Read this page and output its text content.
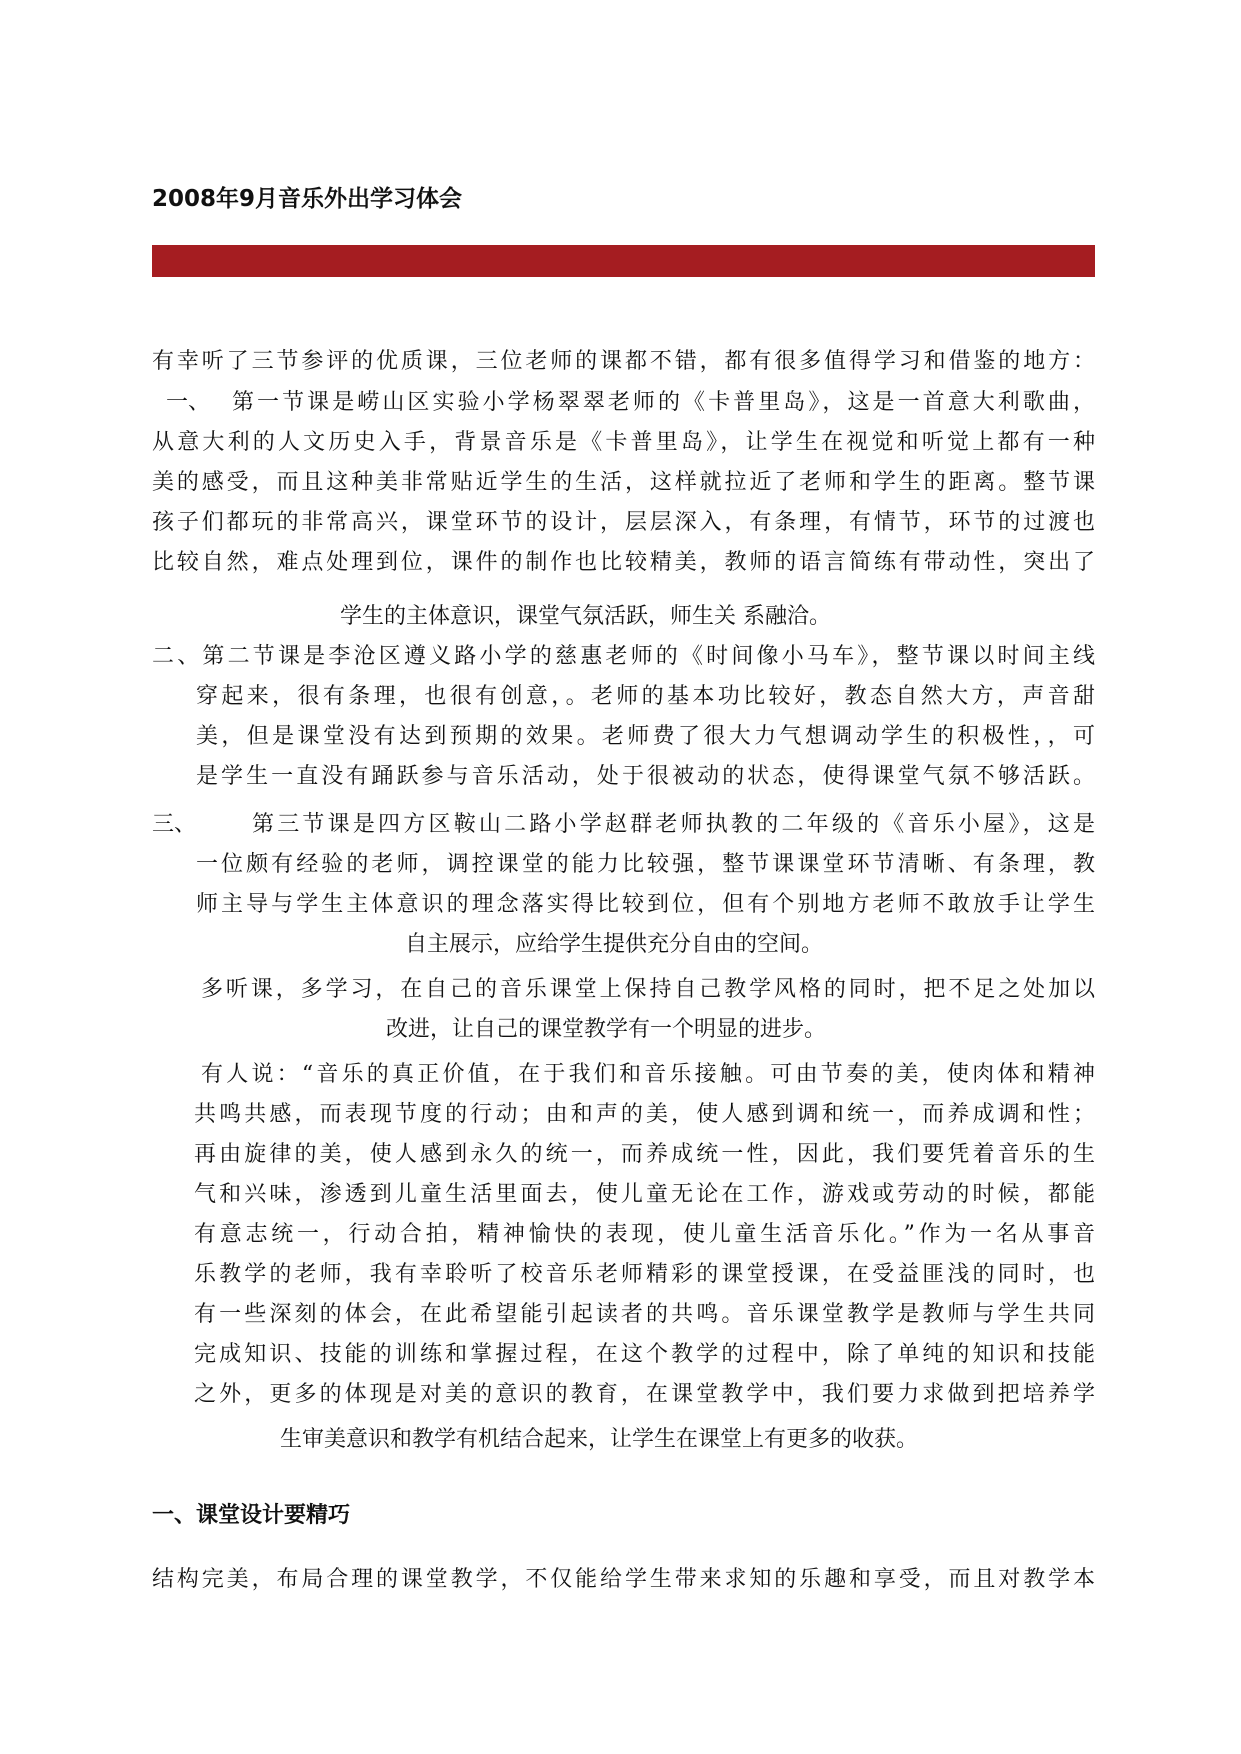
2008年9月音乐外出学习体会
有幸听了三节参评的优质课，三位老师的课都不错，都有很多值得学习和借鉴的地方：
一、 第一节课是崂山区实验小学杨翠翠老师的《卡普里岛》，这是一首意大利歌曲，
从意大利的人文历史入手，背景音乐是《卡普里岛》，让学生在视觉和听觉上都有一种
美的感受，而且这种美非常贴近学生的生活，这样就拉近了老师和学生的距离。整节课
孩子们都玩的非常高兴，课堂环节的设计，层层深入，有条理，有情节，环节的过渡也
比较自然，难点处理到位，课件的制作也比较精美，教师的语言简练有带动性，突出了
学生的主体意识，课堂气氛活跃，师生关 系融洽。
二、第二节课是李沧区遵义路小学的慈惠老师的《时间像小马车》，整节课以时间主线
穿起来，很有条理，也很有创意，。老师的基本功比较好，教态自然大方，声音甜
美，但是课堂没有达到预期的效果。老师费了很大力气想调动学生的积极性，，可
是学生一直没有踊跃参与音乐活动，处于很被动的状态，使得课堂气氛不够活跃。
三、	第三节课是四方区鞍山二路小学赵群老师执教的二年级的《音乐小屋》，这是
一位颇有经验的老师，调控课堂的能力比较强，整节课课堂环节清晰、有条理，教
师主导与学生主体意识的理念落实得比较到位，但有个别地方老师不敢放手让学生
自主展示，应给学生提供充分自由的空间。
多听课，多学习，在自己的音乐课堂上保持自己教学风格的同时，把不足之处加以
改进，让自己的课堂教学有一个明显的进步。
有人说：“音乐的真正价值，在于我们和音乐接触。可由节奏的美，使肉体和精神
共鸣共感，而表现节度的行动；由和声的美，使人感到调和统一，而养成调和性；
再由旋律的美，使人感到永久的统一，而养成统一性，因此，我们要凭着音乐的生
气和兴味，渗透到儿童生活里面去，使儿童无论在工作，游戏或劳动的时候，都能
有意志统一，行动合拍，精神愉快的表现，使儿童生活音乐化。”作为一名从事音
乐教学的老师，我有幸聆听了校音乐老师精彩的课堂授课，在受益匪浅的同时，也
有一些深刻的体会，在此希望能引起读者的共鸣。音乐课堂教学是教师与学生共同
完成知识、技能的训练和掌握过程，在这个教学的过程中，除了单纯的知识和技能
之外，更多的体现是对美的意识的教育，在课堂教学中，我们要力求做到把培养学
生审美意识和教学有机结合起来，让学生在课堂上有更多的收获。
一、课堂设计要精巧
结构完美，布局合理的课堂教学，不仅能给学生带来求知的乐趣和享受，而且对教学本
